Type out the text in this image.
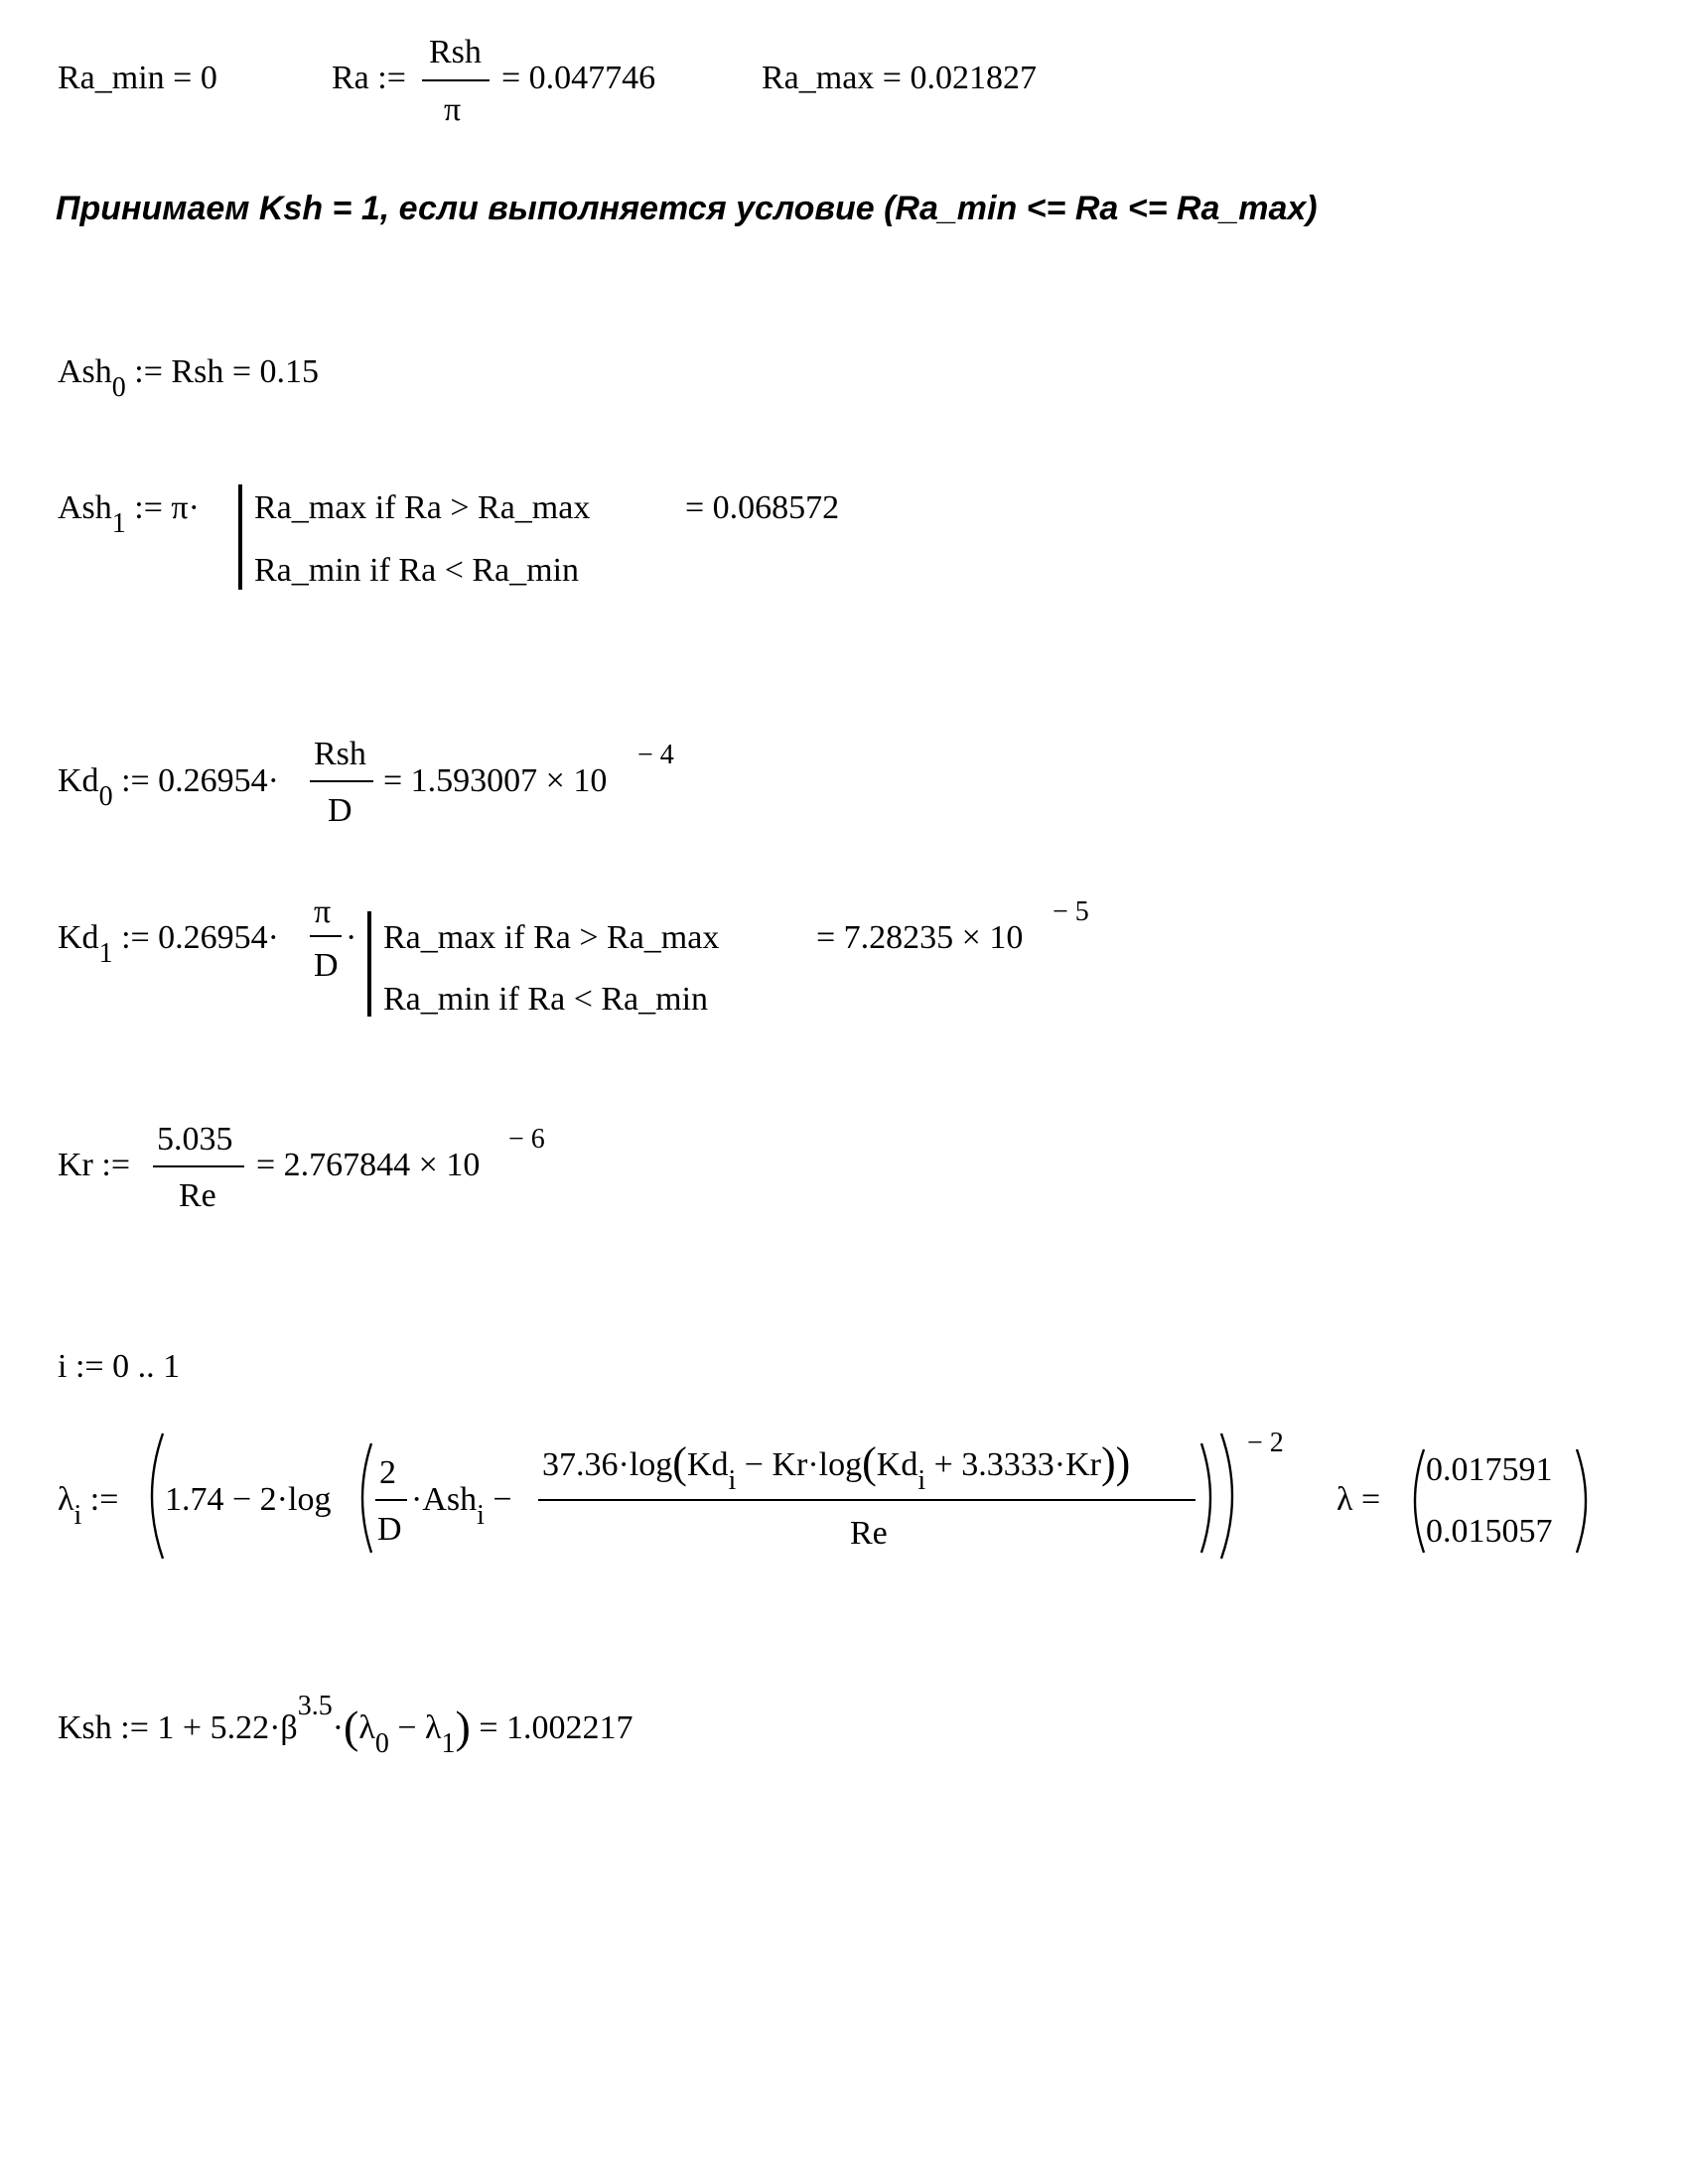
Ra_min = 0	Ra :=
Rsh
π
= 0.047746	Ra_max = 0.021827
Принимаем Ksh = 1, если выполняется условие (Ra_min <= Ra <= Ra_max)
Ash$_0$ := Rsh = 0.15
Ash$_1$ := π· Ra_max if Ra > Ra_max
Ra_min if Ra < Ra_min
= 0.068572
$Kd_0$ := 0.26954·
Rsh
D
= 1.593007 × 10
− 4
$Kd_1$ := 0.26954·
π
D
· Ra_max if Ra > Ra_max
Ra_min if Ra < Ra_min
= 7.28235 × 10
− 5
Kr :=
5.035
Re
= 2.767844 × 10
− 6
i := 0 .. 1
$\lambda_i$ := 1.74 − 2·log
2
D
·Ash$_i$ −
$37.36\cdot\log(Kd_i - Kr\cdot\log(Kd_i + 3.3333\cdot Kr))$
Re
− 2
λ =
0.017591
0.015057
Ksh := $1 + 5.22\cdot\beta^{3.5}\cdot(\lambda_0 - \lambda_1) = 1.002217$
